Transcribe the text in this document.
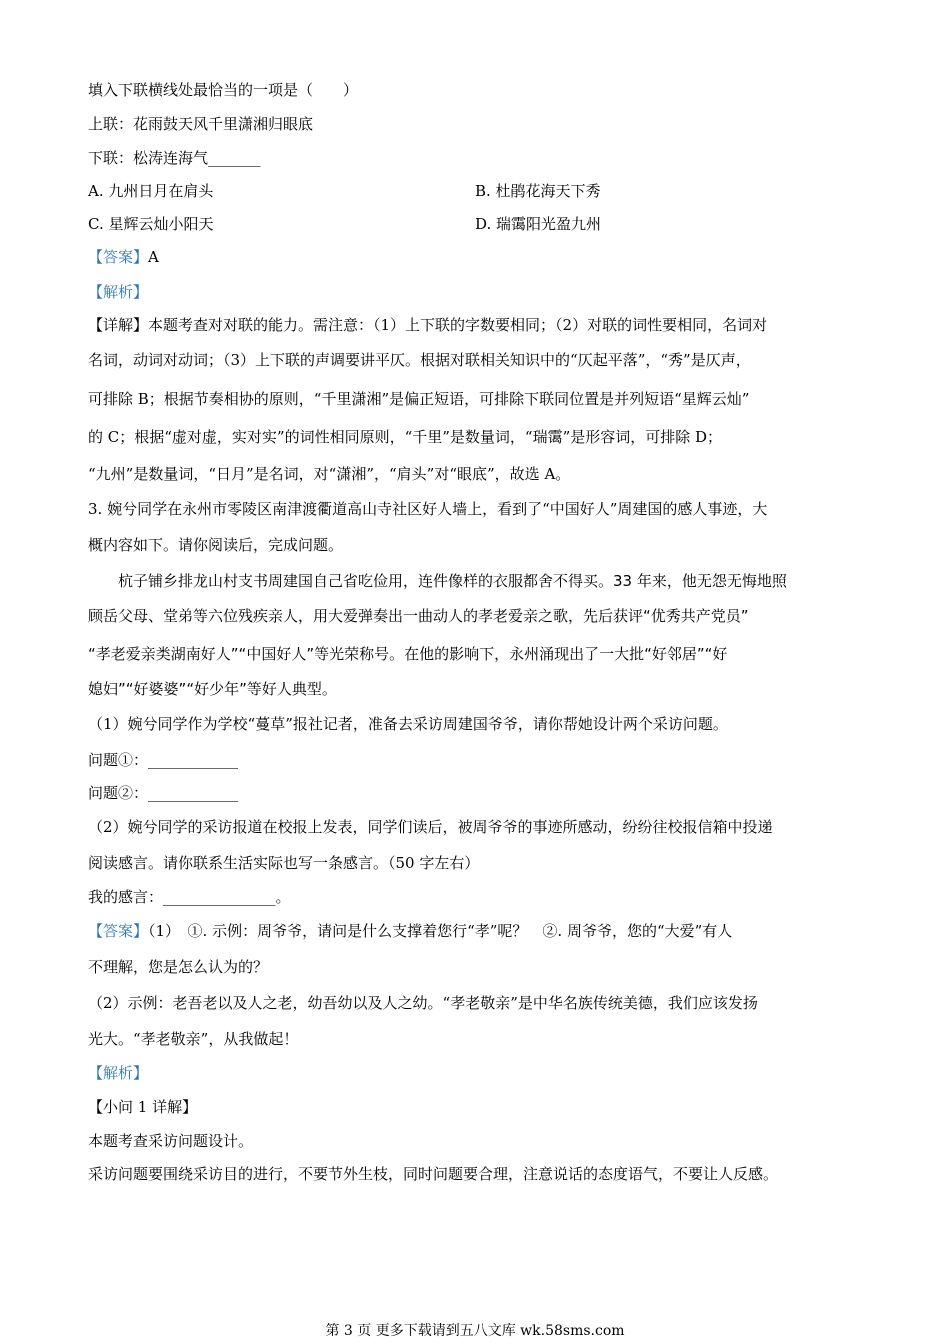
填入下联横线处最恰当的一项是（　　）
上联：花雨鼓天风千里潇湘归眼底
下联：松涛连海气_______
A. 九州日月在肩头	B. 杜鹃花海天下秀
C. 星辉云灿小阳天	D. 瑞霭阳光盈九州
【答案】A
【解析】
【详解】本题考查对对联的能力。需注意：（1）上下联的字数要相同；（2）对联的词性要相同，名词对
名词，动词对动词；（3）上下联的声调要讲平仄。根据对联相关知识中的“仄起平落”，“秀”是仄声，
可排除 B；根据节奏相协的原则，“千里潇湘”是偏正短语，可排除下联同位置是并列短语“星辉云灿”
的 C；根据“虚对虚，实对实”的词性相同原则，“千里”是数量词，“瑞霭”是形容词，可排除 D；
“九州”是数量词，“日月”是名词，对“潇湘”，“肩头”对“眼底”，故选 A。
3. 婉兮同学在永州市零陵区南津渡衢道高山寺社区好人墙上，看到了“中国好人”周建国的感人事迹，大
概内容如下。请你阅读后，完成问题。
杭子铺乡排龙山村支书周建国自己省吃俭用，连件像样的衣服都舍不得买。33 年来，他无怨无悔地照
顾岳父母、堂弟等六位残疾亲人，用大爱弹奏出一曲动人的孝老爱亲之歌，先后获评“优秀共产党员”
“孝老爱亲类湖南好人”“中国好人”等光荣称号。在他的影响下，永州涌现出了一大批“好邻居”“好
媳妇”“好婆婆”“好少年”等好人典型。
（1）婉兮同学作为学校“蔓草”报社记者，准备去采访周建国爷爷，请你帮她设计两个采访问题。
问题①：____________
问题②：____________
（2）婉兮同学的采访报道在校报上发表，同学们读后，被周爷爷的事迹所感动，纷纷往校报信箱中投递
阅读感言。请你联系生活实际也写一条感言。（50 字左右）
我的感言：_______________。
【答案】（1）　①. 示例：周爷爷，请问是什么支撑着您行“孝”呢？　②. 周爷爷，您的“大爱”有人
不理解，您是怎么认为的？
（2）示例：老吾老以及人之老，幼吾幼以及人之幼。“孝老敬亲”是中华名族传统美德，我们应该发扬
光大。“孝老敬亲”，从我做起！
【解析】
【小问 1 详解】
本题考查采访问题设计。
采访问题要围绕采访目的进行，不要节外生枝，同时问题要合理，注意说话的态度语气，不要让人反感。
第 3 页 更多下载请到五八文库 wk.58sms.com
